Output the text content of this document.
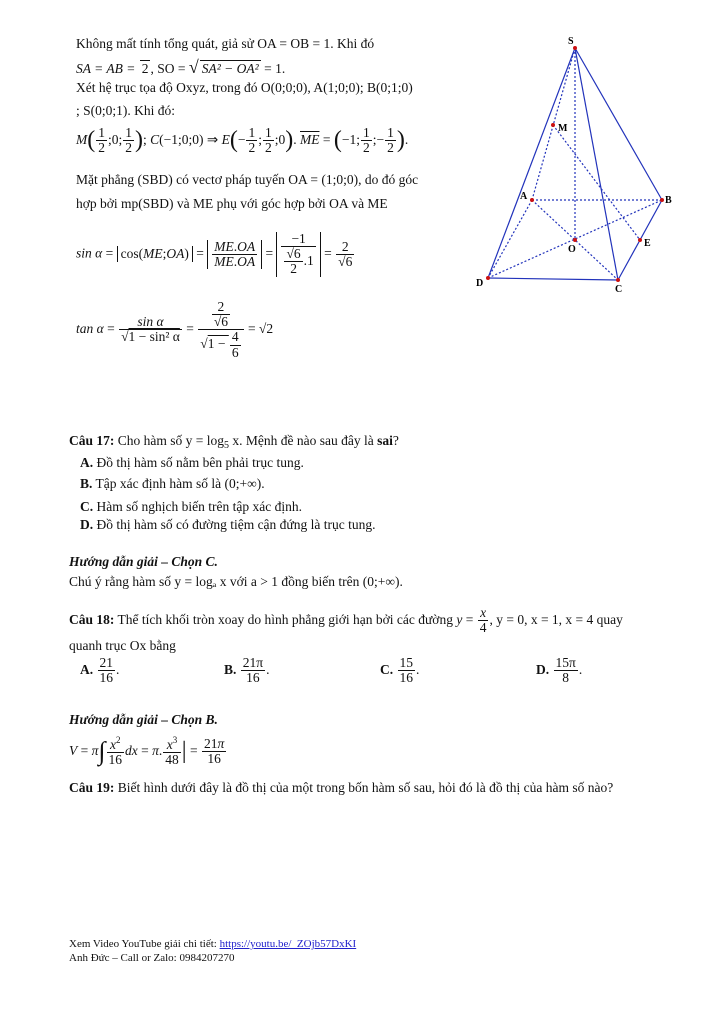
Không mất tính tổng quát, giả sử OA = OB = 1. Khi đó
SA = AB = 2 , SO = √ SA² − OA² = 1.
Xét hệ trục tọa độ Oxyz, trong đó O(0;0;0), A(1;0;0); B(0;1;0)
; S(0;0;1). Khi đó:
$M( \frac{1}{2}$ ;0; $\frac{1}{2}$ ); C(−1;0;0) ⇒ $E(- \frac{1}{2}$ ; $\frac{1}{2}$ ;0). $\overline{ME} = (-1$; $\frac{1}{2}$ ;− $\frac{1}{2}$ ).
Mặt phẳng (SBD) có vectơ pháp tuyến OA = (1;0;0), do đó góc
hợp bởi mp(SBD) và ME phụ với góc hợp bởi OA và ME
sin α = cos(ME;OA) = $\frac{ME.OA}{ME.OA} = \frac{-1}{\frac{√6}{2} .1} = \frac{2}{√6}$
$\tan \alpha = \frac{\text{sin α}}{\text{√1 − sin² α}} = \frac{\frac{2}{√6}}{√1 - \frac{4}{6}} = √2$
S
M
A	B
E
O
D
C
Câu 17: Cho hàm số $y = \log_5 x$. Mệnh đề nào sau đây là sai?
A. Đồ thị hàm số nằm bên phải trục tung.
B. Tập xác định hàm số là (0;+∞).
C. Hàm số nghịch biến trên tập xác định.
D. Đồ thị hàm số có đường tiệm cận đứng là trục tung.
Hướng dẫn giải – Chọn C.
Chú ý rằng hàm số y = logₐ x với a > 1 đồng biến trên (0;+∞).
Câu 18: Thể tích khối tròn xoay do hình phẳng giới hạn bởi các đường $y = \frac{x}{4}$ , y = 0, x = 1, x = 4 quay
quanh trục Ox bằng
A. $\frac{21}{16}$ .	B. $\frac{21\pi}{16}$ .	C. $\frac{15}{16}$ .	D. $\frac{15\pi}{8}$ .
Hướng dẫn giải – Chọn B.
$V = \pi\int \frac{x^2}{16}$ dx = π. $\frac{x^3}{48}$ | = $\frac{21\pi}{16}$
Câu 19: Biết hình dưới đây là đồ thị của một trong bốn hàm số sau, hỏi đó là đồ thị của hàm số nào?
Xem Video YouTube giải chi tiết: https://youtu.be/_ZOjb57DxKI
Anh Đức – Call or Zalo: 0984207270
